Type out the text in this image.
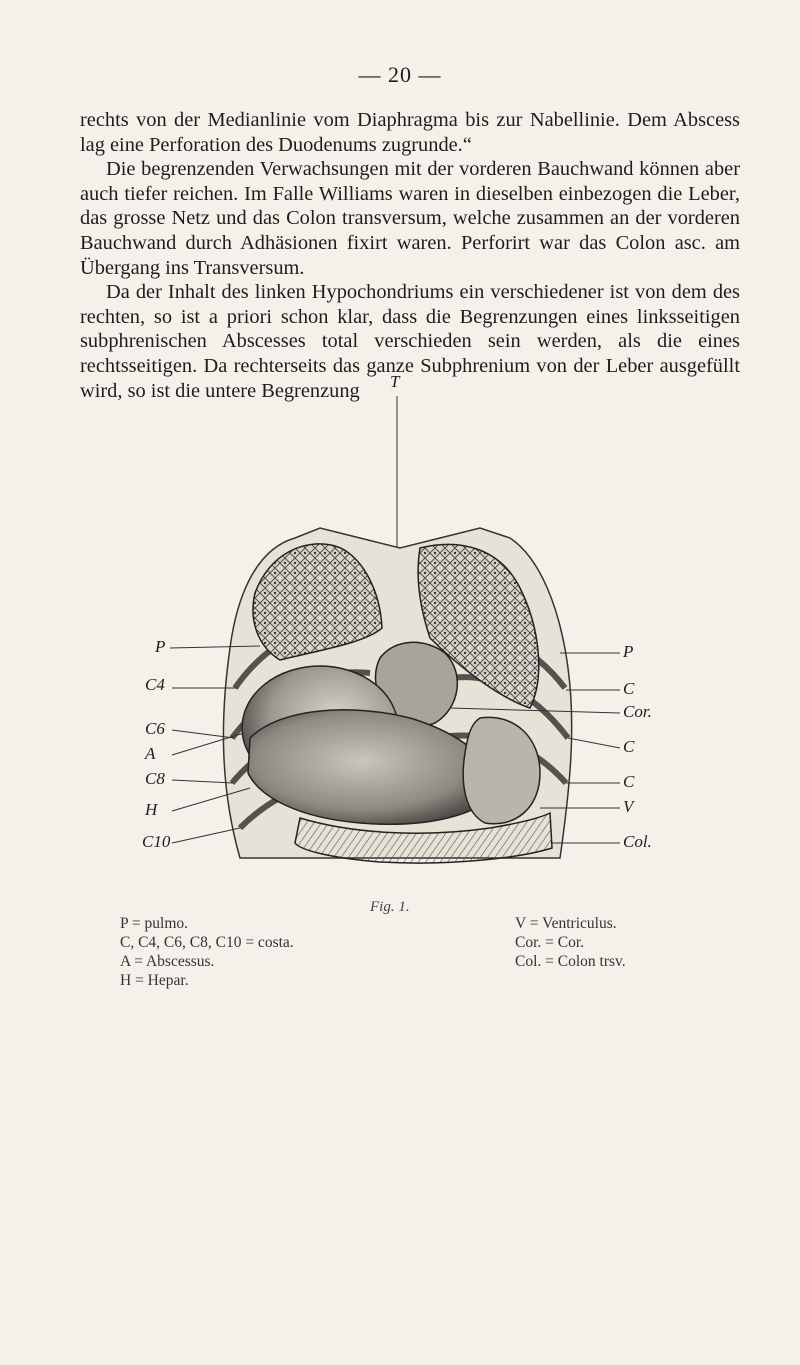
— 20 —

rechts von der Medianlinie vom Diaphragma bis zur Nabellinie. Dem Abscess lag eine Perforation des Duodenums zugrunde.“

Die begrenzenden Verwachsungen mit der vorderen Bauchwand können aber auch tiefer reichen. Im Falle Williams waren in dieselben einbezogen die Leber, das grosse Netz und das Colon transversum, welche zusammen an der vorderen Bauchwand durch Adhäsionen fixirt waren. Perforirt war das Colon asc. am Übergang ins Transversum.

Da der Inhalt des linken Hypochondriums ein verschiedener ist von dem des rechten, so ist a priori schon klar, dass die Begrenzungen eines linksseitigen subphrenischen Abscesses total verschieden sein werden, als die eines rechtsseitigen. Da rechterseits das ganze Subphrenium von der Leber ausgefüllt wird, so ist die untere Begrenzung	T
P
C4
C6
A
C8
H
C10
P
C
Cor.
C
C
V
Col.
Fig. 1.
P = pulmo.
C, C4, C6, C8, C10 = costa.
A = Abscessus.
H = Hepar.
V = Ventriculus.
Cor. = Cor.
Col. = Colon trsv.
